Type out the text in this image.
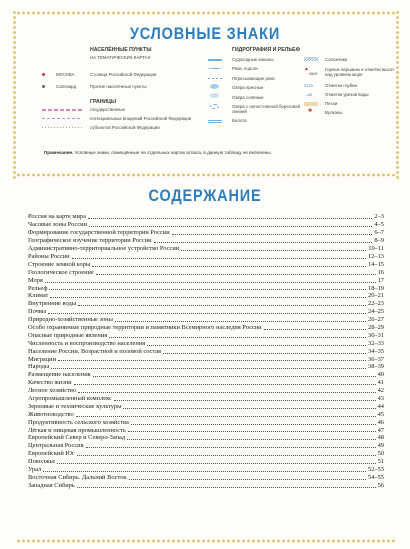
УСЛОВНЫЕ ЗНАКИ
НАСЕЛЁННЫЕ ПУНКТЫ
НА ТЕМАТИЧЕСКИХ КАРТАХ
МОСКВА	Столица Российской Федерации
Салехард	Прочие населённые пункты
ГРАНИЦЫ
государственные
потенциальных владений Российской Федерации
субъектов Российской Федерации
ГИДРОГРАФИЯ И РЕЛЬЕФ
Судоходные каналы
Реки, пороги
Пересыхающие реки
Озёра пресные
Озёра солёные
Озёра с непостоянной береговой линией
Болота
Солончаки
▲
4509
Горные вершины и отметки высот над уровнем моря
3720	Отметки глубин
-28	Отметки урезов воды
Пески
✱	Вулканы
Примечание. Условные знаки, помещённые на отдельных картах атласа, в данную таблицу не включены.
СОДЕРЖАНИЕ
Россия на карте мира	2–3
Часовые зоны России	4–5
Формирование государственной территории России	6–7
Географическое изучение территории России	8–9
Административно-территориальное устройство России	10–11
Районы России	12–13
Строение земной коры	14–15
Геологическое строение	16
Моря	17
Рельеф	18–19
Климат	20–21
Внутренние воды	22–23
Почвы	24–25
Природно-хозяйственные зоны	26–27
Особо охраняемые природные территории и памятники Всемирного наследия России	28–29
Опасные природные явления	30–31
Численность и воспроизводство населения	32–33
Население России. Возрастной и половой состав	34–35
Миграции	36–37
Народы	38–39
Размещение населения	40
Качество жизни	41
Лесное хозяйство	42
Агропромышленный комплекс	43
Зерновые и технические культуры	44
Животноводство	45
Продуктивность сельского хозяйства	46
Лёгкая и пищевая промышленность	47
Европейский Север и Северо-Запад	48
Центральная Россия	49
Европейский Юг	50
Поволжье	51
Урал	52–53
Восточная Сибирь. Дальний Восток	54–55
Западная Сибирь	56
